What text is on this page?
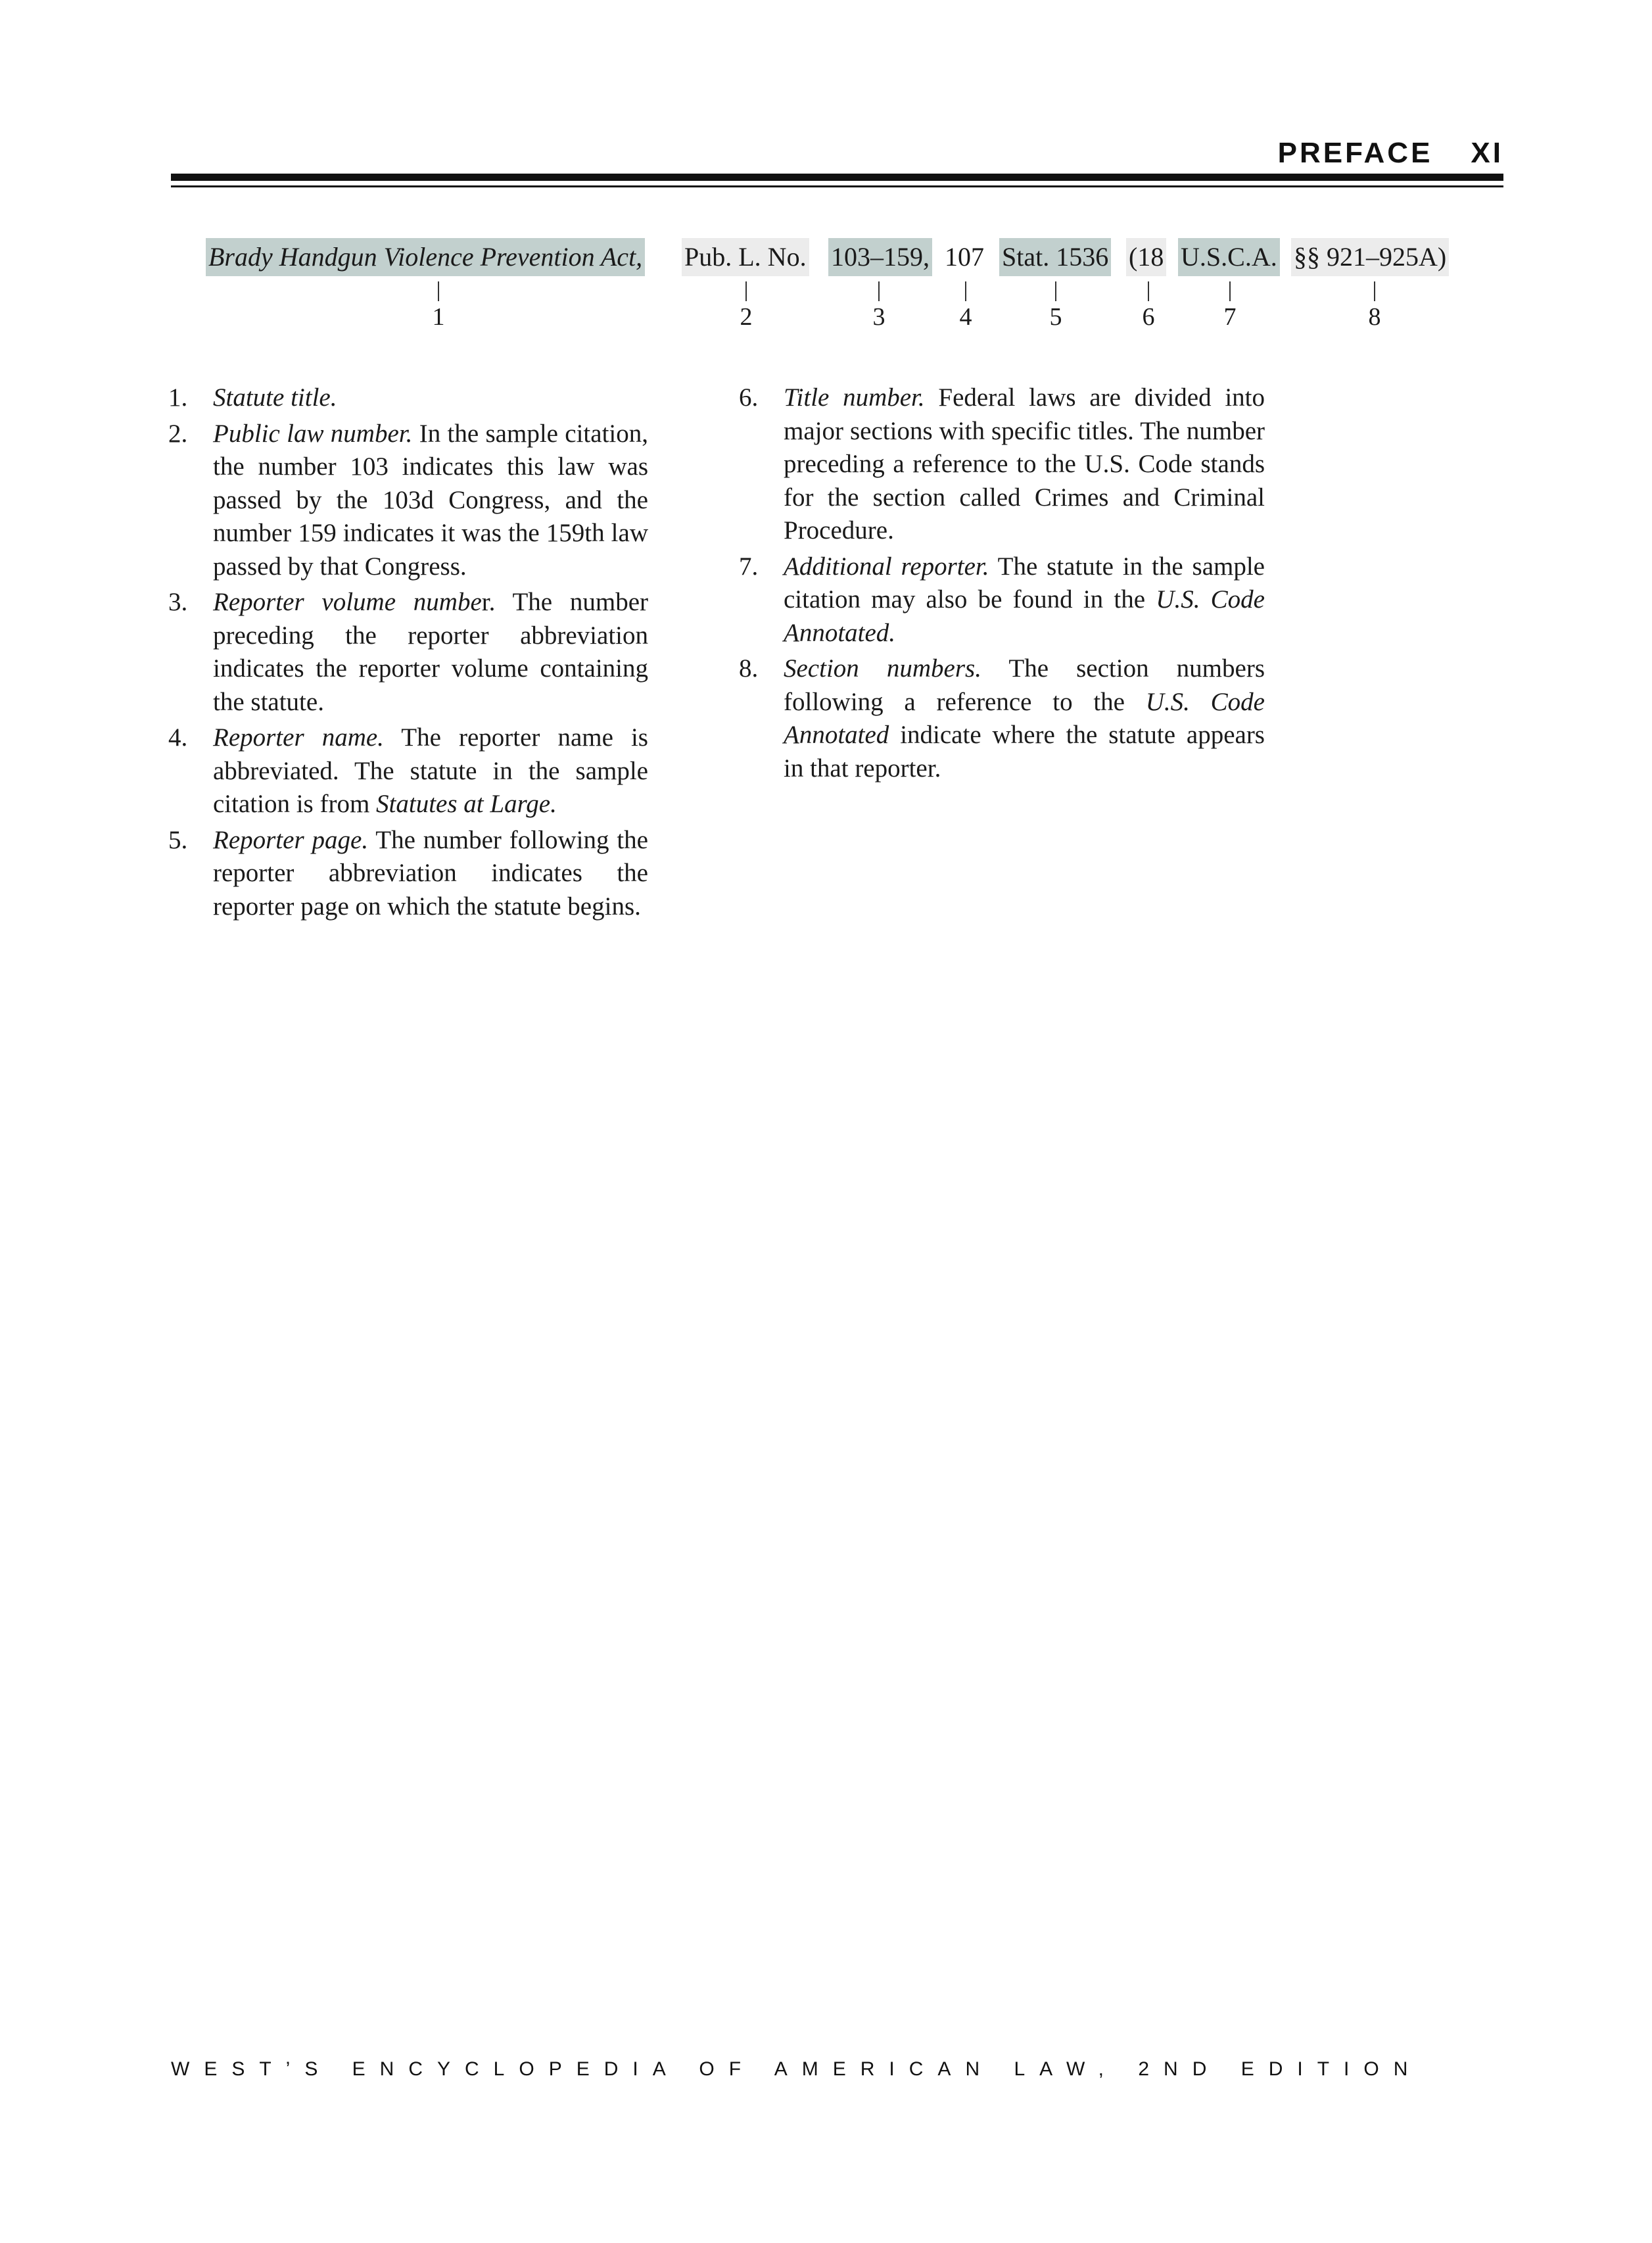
PREFACE XI
Brady Handgun Violence Prevention Act, Pub. L. No. 103–159, 107 Stat. 1536 (18 U.S.C.A. §§ 921–925A)
1	2	3	4	5	6	7	8
1. Statute title.
2. Public law number. In the sample citation, the number 103 indicates this law was passed by the 103d Congress, and the number 159 indicates it was the 159th law passed by that Congress.
3. Reporter volume number. The number preceding the reporter abbreviation indicates the reporter volume containing the statute.
4. Reporter name. The reporter name is abbreviated. The statute in the sample citation is from Statutes at Large.
5. Reporter page. The number following the reporter abbreviation indicates the reporter page on which the statute begins.
6. Title number. Federal laws are divided into major sections with specific titles. The number preceding a reference to the U.S. Code stands for the section called Crimes and Criminal Procedure.
7. Additional reporter. The statute in the sample citation may also be found in the U.S. Code Annotated.
8. Section numbers. The section numbers following a reference to the U.S. Code Annotated indicate where the statute appears in that reporter.
WEST’S ENCYCLOPEDIA OF AMERICAN LAW, 2ND EDITION
